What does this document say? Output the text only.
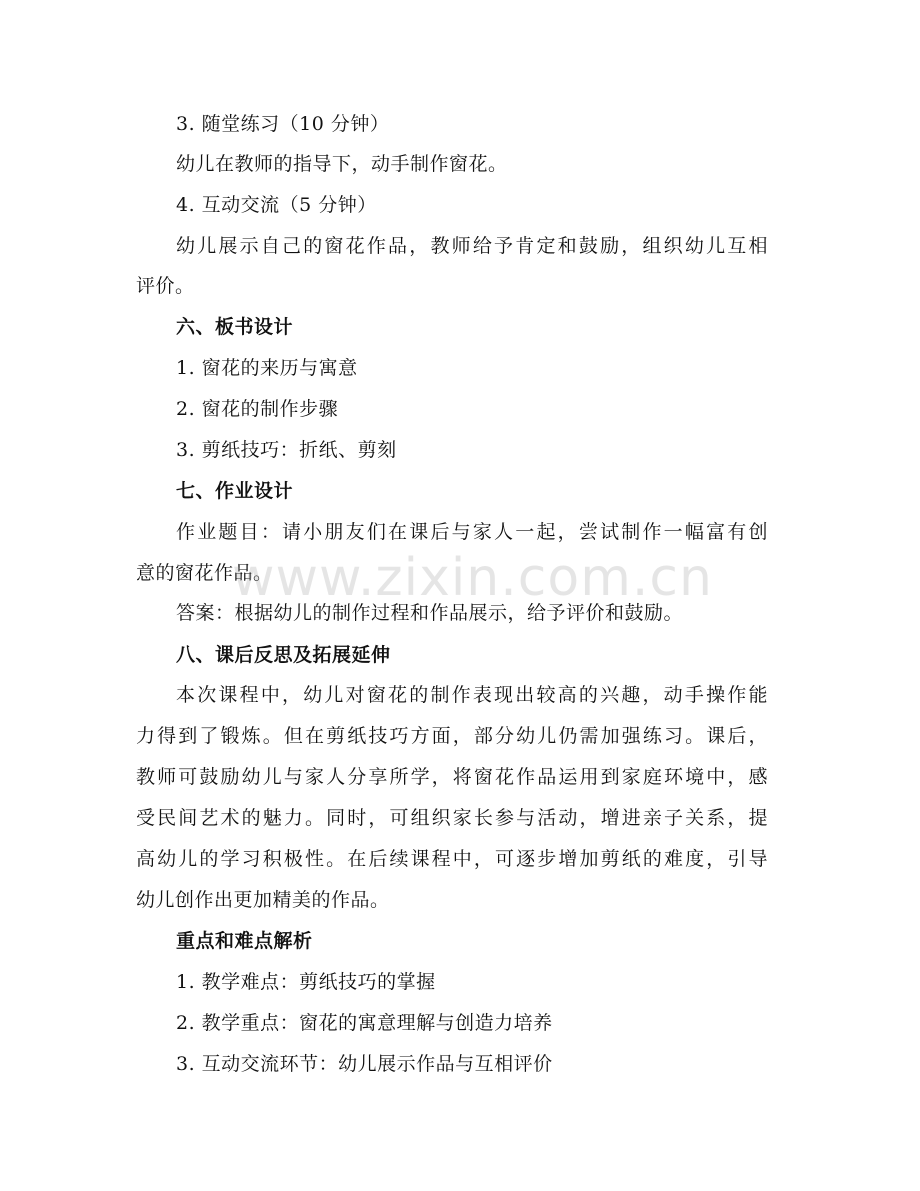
3. 随堂练习（10 分钟）
幼儿在教师的指导下，动手制作窗花。
4. 互动交流（5 分钟）
幼儿展示自己的窗花作品，教师给予肯定和鼓励，组织幼儿互相
评价。
六、板书设计
1. 窗花的来历与寓意
2. 窗花的制作步骤
3. 剪纸技巧：折纸、剪刻
七、作业设计
作业题目：请小朋友们在课后与家人一起，尝试制作一幅富有创
意的窗花作品。
答案：根据幼儿的制作过程和作品展示，给予评价和鼓励。
八、课后反思及拓展延伸
本次课程中，幼儿对窗花的制作表现出较高的兴趣，动手操作能
力得到了锻炼。但在剪纸技巧方面，部分幼儿仍需加强练习。课后，
教师可鼓励幼儿与家人分享所学，将窗花作品运用到家庭环境中，感
受民间艺术的魅力。同时，可组织家长参与活动，增进亲子关系，提
高幼儿的学习积极性。在后续课程中，可逐步增加剪纸的难度，引导
幼儿创作出更加精美的作品。
重点和难点解析
1. 教学难点：剪纸技巧的掌握
2. 教学重点：窗花的寓意理解与创造力培养
3. 互动交流环节：幼儿展示作品与互相评价
www.zixin.com.cn
